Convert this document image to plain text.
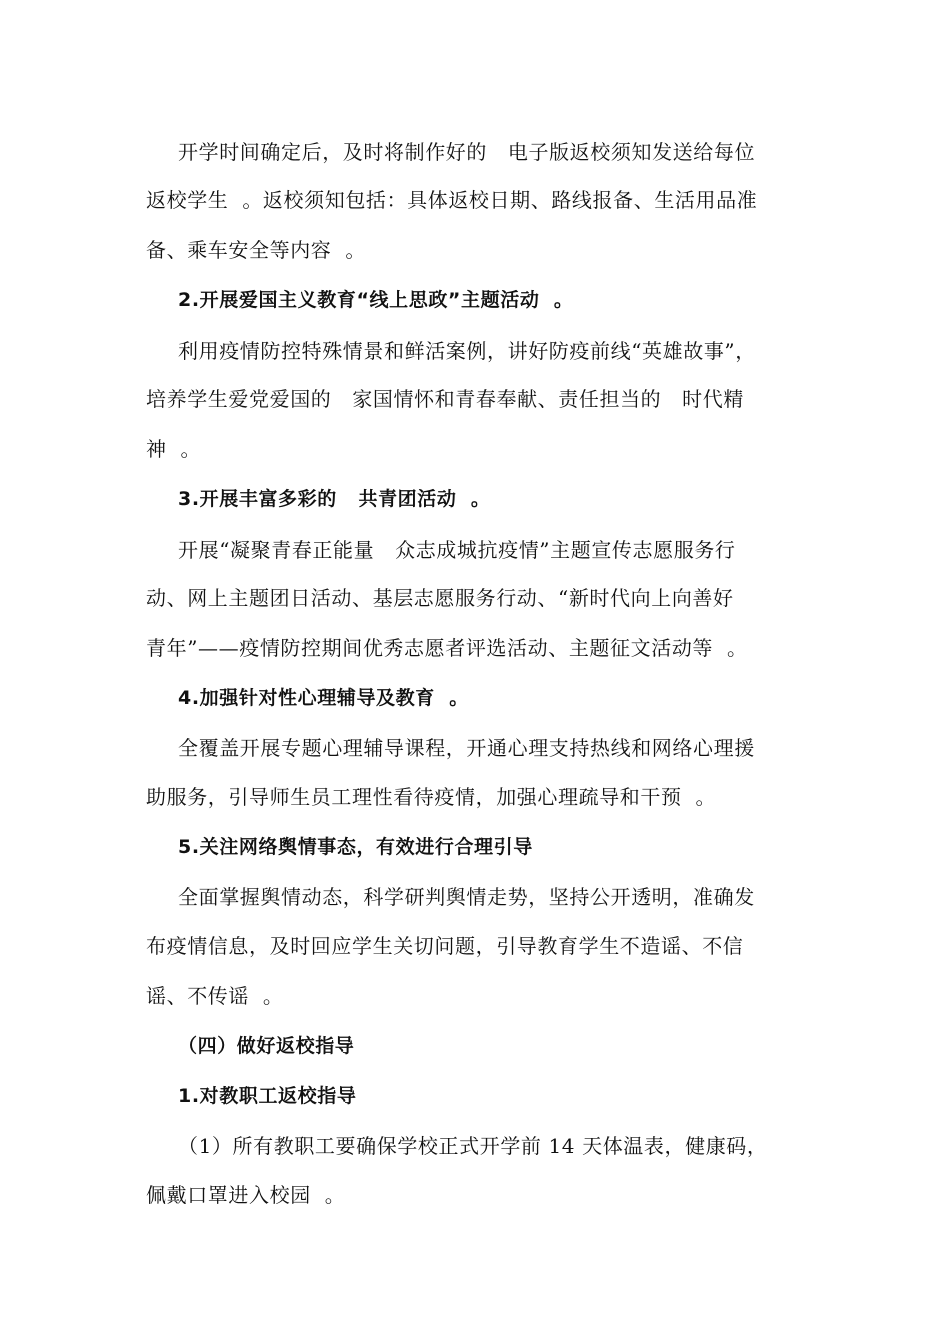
开学时间确定后，及时将制作好的   电子版返校须知发送给每位
返校学生  。返校须知包括：具体返校日期、路线报备、生活用品准
备、乘车安全等内容  。
2.开展爱国主义教育“线上思政”主题活动  。
利用疫情防控特殊情景和鲜活案例，讲好防疫前线“英雄故事”，
培养学生爱党爱国的   家国情怀和青春奉献、责任担当的   时代精
神  。
3.开展丰富多彩的   共青团活动  。
开展“凝聚青春正能量   众志成城抗疫情”主题宣传志愿服务行
动、网上主题团日活动、基层志愿服务行动、“新时代向上向善好
青年”——疫情防控期间优秀志愿者评选活动、主题征文活动等  。
4.加强针对性心理辅导及教育  。
全覆盖开展专题心理辅导课程，开通心理支持热线和网络心理援
助服务，引导师生员工理性看待疫情，加强心理疏导和干预  。
5.关注网络舆情事态，有效进行合理引导
全面掌握舆情动态，科学研判舆情走势，坚持公开透明，准确发
布疫情信息，及时回应学生关切问题，引导教育学生不造谣、不信
谣、不传谣  。
（四）做好返校指导
1.对教职工返校指导
（1）所有教职工要确保学校正式开学前 14 天体温表，健康码，
佩戴口罩进入校园  。
